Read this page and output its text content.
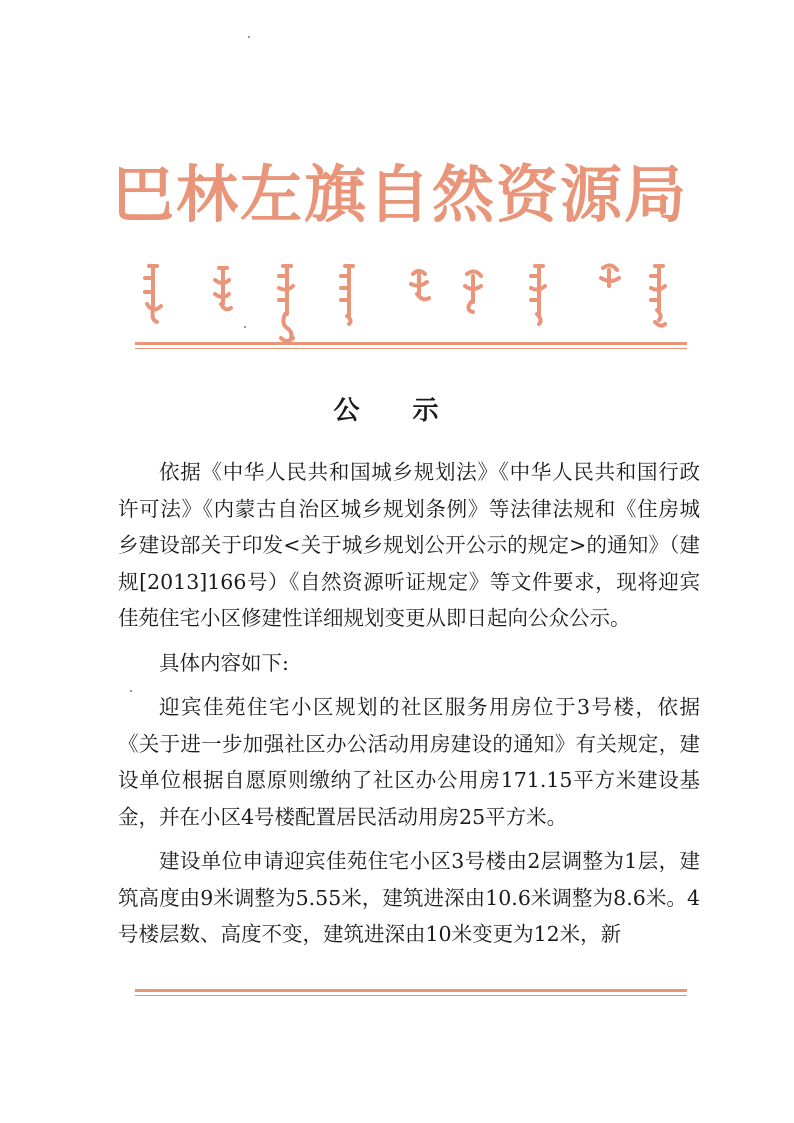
巴林左旗自然资源局
公 示

依据《中华人民共和国城乡规划法》《中华人民共和国行政许可法》《内蒙古自治区城乡规划条例》等法律法规和《住房城乡建设部关于印发<关于城乡规划公开公示的规定>的通知》（建规[2013]166号）《自然资源听证规定》等文件要求，现将迎宾佳苑住宅小区修建性详细规划变更从即日起向公众公示。

具体内容如下:

迎宾佳苑住宅小区规划的社区服务用房位于3号楼，依据《关于进一步加强社区办公活动用房建设的通知》有关规定，建设单位根据自愿原则缴纳了社区办公用房171.15平方米建设基金，并在小区4号楼配置居民活动用房25平方米。

建设单位申请迎宾佳苑住宅小区3号楼由2层调整为1层，建筑高度由9米调整为5.55米，建筑进深由10.6米调整为8.6米。4号楼层数、高度不变，建筑进深由10米变更为12米，新
